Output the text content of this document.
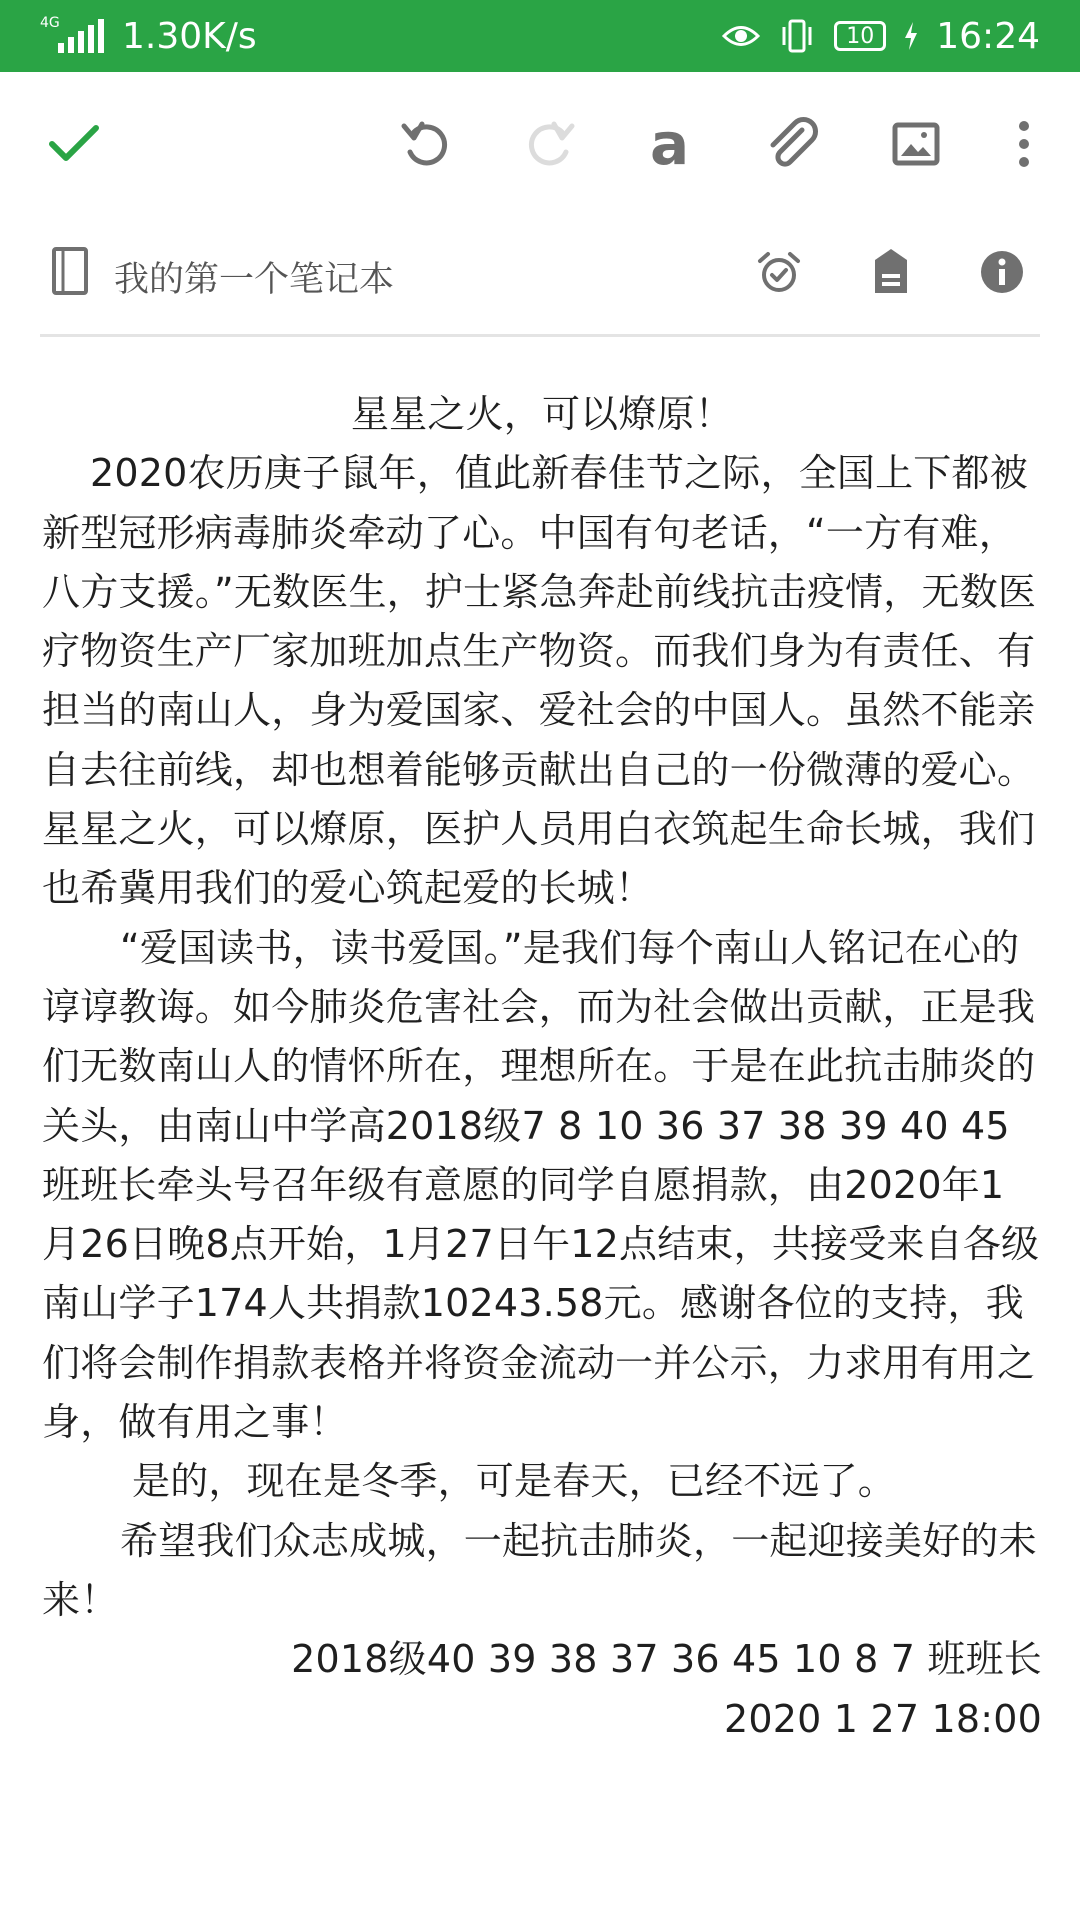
4G 1.30K/s	10 16:24
a
我的第一个笔记本

星星之火，可以燎原！

2020农历庚子鼠年，值此新春佳节之际，全国上下都被新型冠形病毒肺炎牵动了心。中国有句老话，“一方有难，八方支援。”无数医生，护士紧急奔赴前线抗击疫情，无数医疗物资生产厂家加班加点生产物资。而我们身为有责任、有担当的南山人，身为爱国家、爱社会的中国人。虽然不能亲自去往前线，却也想着能够贡献出自己的一份微薄的爱心。星星之火，可以燎原，医护人员用白衣筑起生命长城，我们也希冀用我们的爱心筑起爱的长城！

“爱国读书，读书爱国。”是我们每个南山人铭记在心的谆谆教诲。如今肺炎危害社会，而为社会做出贡献，正是我们无数南山人的情怀所在，理想所在。于是在此抗击肺炎的关头，由南山中学高2018级7 8 10 36 37 38 39 40 45班班长牵头号召年级有意愿的同学自愿捐款，由2020年1月26日晚8点开始，1月27日午12点结束，共接受来自各级南山学子174人共捐款10243.58元。感谢各位的支持，我们将会制作捐款表格并将资金流动一并公示，力求用有用之身，做有用之事！

是的，现在是冬季，可是春天，已经不远了。

希望我们众志成城，一起抗击肺炎，一起迎接美好的未来！

2018级40 39 38 37 36 45 10 8 7 班班长

2020 1 27 18:00
